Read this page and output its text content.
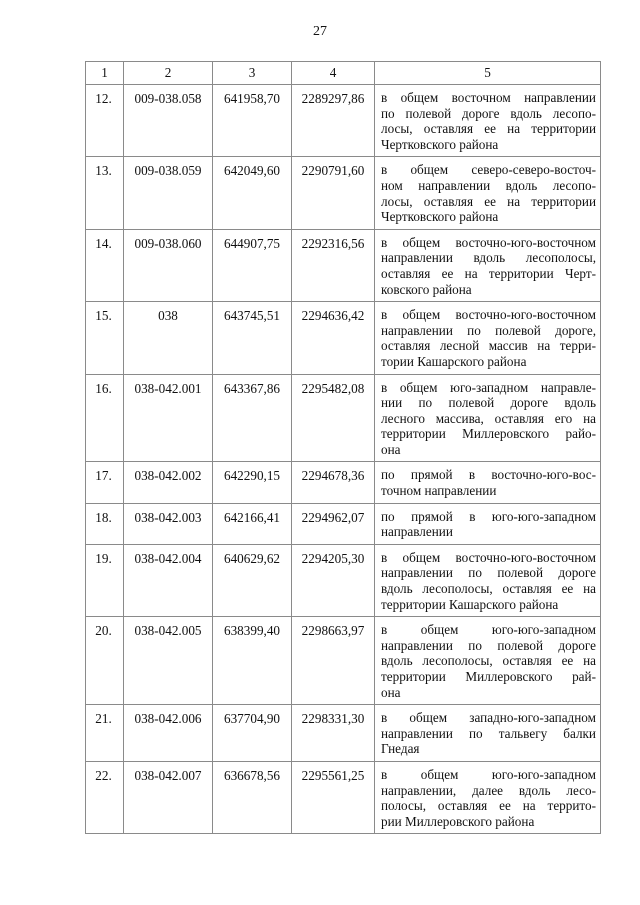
27
1	2	3	4	5
12.	009-038.058	641958,70	2289297,86	в общем восточном направлении
по полевой дороге вдоль лесопо-
лосы, оставляя ее на территории
Чертковского района

13.	009-038.059	642049,60	2290791,60	в общем северо-северо-восточ-
ном направлении вдоль лесопо-
лосы, оставляя ее на территории
Чертковского района

14.	009-038.060	644907,75	2292316,56	в общем восточно-юго-восточном
направлении вдоль лесополосы,
оставляя ее на территории Черт-
ковского района

15.	038	643745,51	2294636,42	в общем восточно-юго-восточном
направлении по полевой дороге,
оставляя лесной массив на терри-
тории Кашарского района

16.	038-042.001	643367,86	2295482,08	в общем юго-западном направле-
нии по полевой дороге вдоль
лесного массива, оставляя его на
территории Миллеровского райо-
она

17.	038-042.002	642290,15	2294678,36	по прямой в восточно-юго-вос-
точном направлении

18.	038-042.003	642166,41	2294962,07	по прямой в юго-юго-западном
направлении

19.	038-042.004	640629,62	2294205,30	в общем восточно-юго-восточном
направлении по полевой дороге
вдоль лесополосы, оставляя ее на
территории Кашарского района

20.	038-042.005	638399,40	2298663,97	в общем юго-юго-западном
направлении по полевой дороге
вдоль лесополосы, оставляя ее на
территории Миллеровского рай-
она

21.	038-042.006	637704,90	2298331,30	в общем западно-юго-западном
направлении по тальвегу балки
Гнедая

22.	038-042.007	636678,56	2295561,25	в общем юго-юго-западном
направлении, далее вдоль лесо-
полосы, оставляя ее на террито-
рии Миллеровского района
